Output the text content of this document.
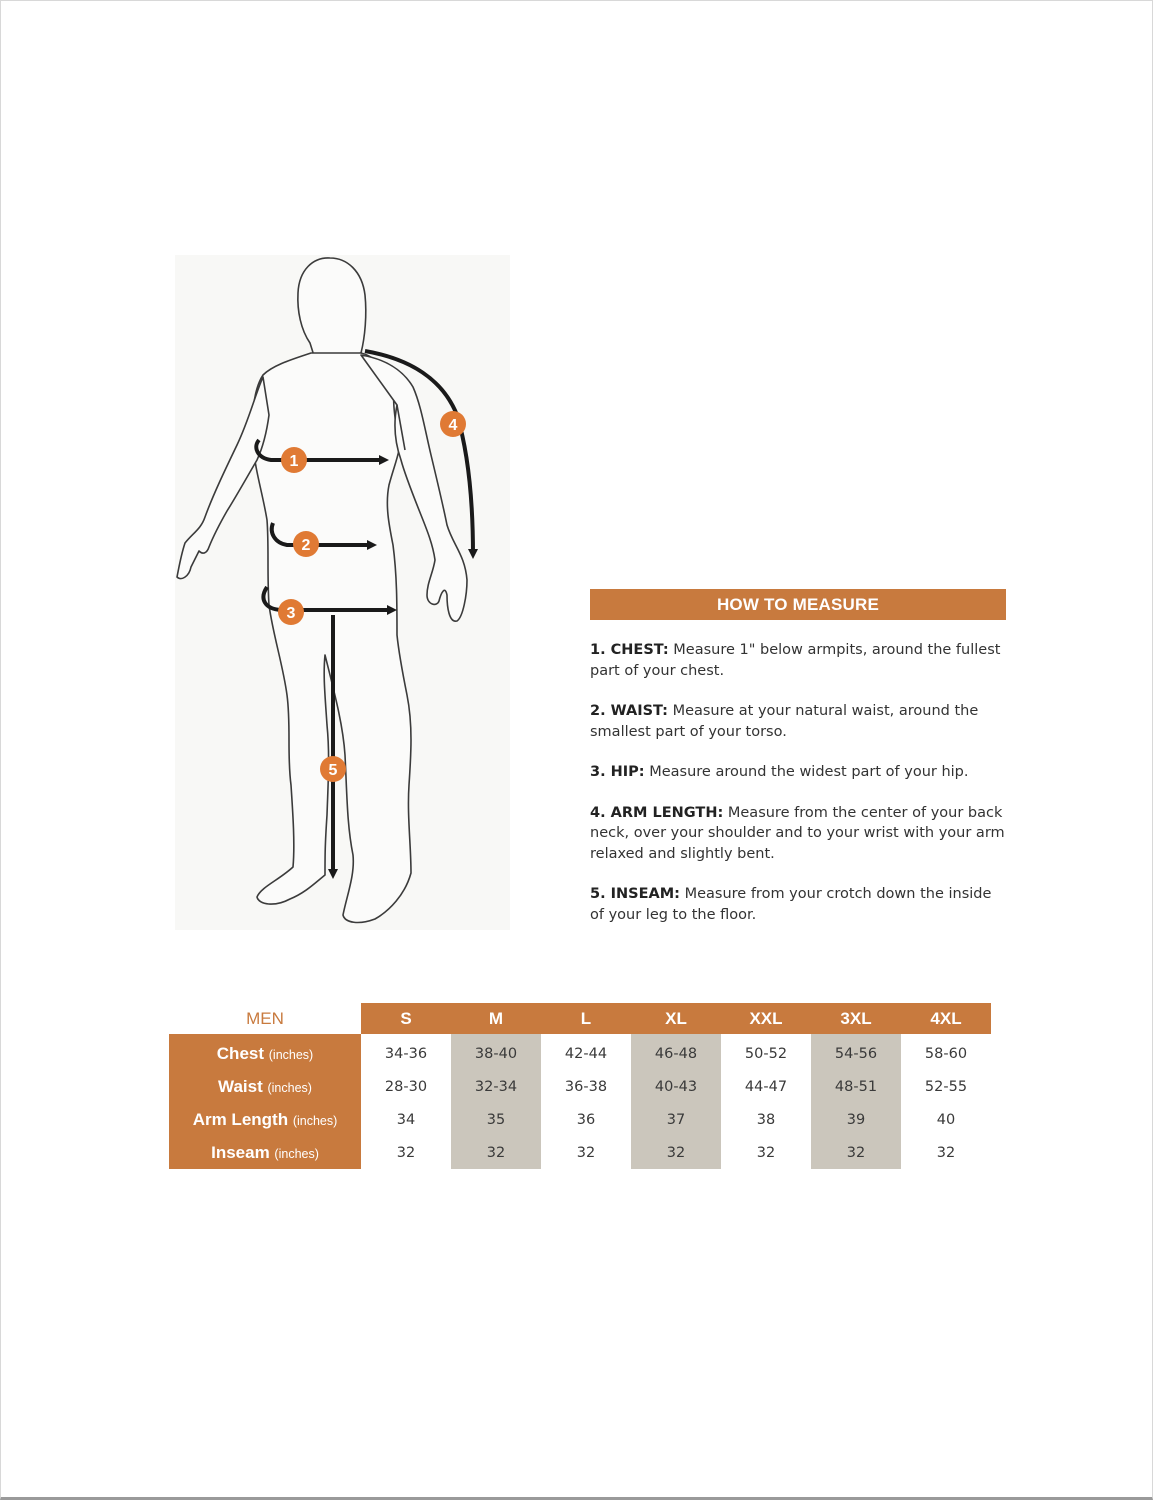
1
2
3
4
5
HOW TO MEASURE
1. CHEST: Measure 1" below armpits, around the fullest part of your chest.
2. WAIST: Measure at your natural waist, around the smallest part of your torso.
3. HIP: Measure around the widest part of your hip.
4. ARM LENGTH: Measure from the center of your back neck, over your shoulder and to your wrist with your arm relaxed and slightly bent.
5. INSEAM: Measure from your crotch down the inside of your leg to the floor.
MEN	S	M	L	XL	XXL	3XL	4XL
Chest (inches)	34-36	38-40	42-44	46-48	50-52	54-56	58-60
Waist (inches)	28-30	32-34	36-38	40-43	44-47	48-51	52-55
Arm Length (inches)	34	35	36	37	38	39	40
Inseam (inches)	32	32	32	32	32	32	32
